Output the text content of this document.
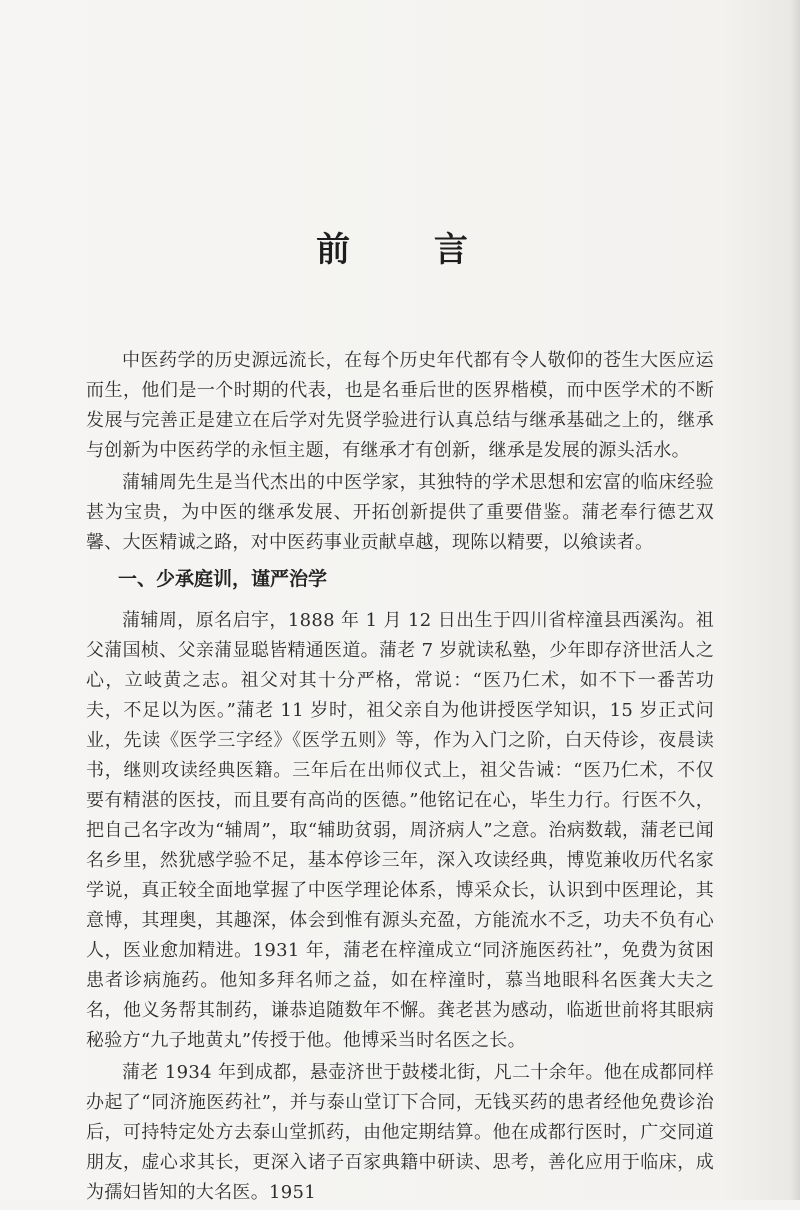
前 言

中医药学的历史源远流长，在每个历史年代都有令人敬仰的苍生大医应运而生，他们是一个时期的代表，也是名垂后世的医界楷模，而中医学术的不断发展与完善正是建立在后学对先贤学验进行认真总结与继承基础之上的，继承与创新为中医药学的永恒主题，有继承才有创新，继承是发展的源头活水。

蒲辅周先生是当代杰出的中医学家，其独特的学术思想和宏富的临床经验甚为宝贵，为中医的继承发展、开拓创新提供了重要借鉴。蒲老奉行德艺双馨、大医精诚之路，对中医药事业贡献卓越，现陈以精要，以飨读者。

一、少承庭训，谨严治学

蒲辅周，原名启宇，1888 年 1 月 12 日出生于四川省梓潼县西溪沟。祖父蒲国桢、父亲蒲显聪皆精通医道。蒲老 7 岁就读私塾，少年即存济世活人之心，立岐黄之志。祖父对其十分严格，常说：“医乃仁术，如不下一番苦功夫，不足以为医。”蒲老 11 岁时，祖父亲自为他讲授医学知识，15 岁正式问业，先读《医学三字经》《医学五则》等，作为入门之阶，白天侍诊，夜晨读书，继则攻读经典医籍。三年后在出师仪式上，祖父告诫：“医乃仁术，不仅要有精湛的医技，而且要有高尚的医德。”他铭记在心，毕生力行。行医不久，把自己名字改为“辅周”，取“辅助贫弱，周济病人”之意。治病数载，蒲老已闻名乡里，然犹感学验不足，基本停诊三年，深入攻读经典，博览兼收历代名家学说，真正较全面地掌握了中医学理论体系，博采众长，认识到中医理论，其意博，其理奥，其趣深，体会到惟有源头充盈，方能流水不乏，功夫不负有心人，医业愈加精进。1931 年，蒲老在梓潼成立“同济施医药社”，免费为贫困患者诊病施药。他知多拜名师之益，如在梓潼时，慕当地眼科名医龚大夫之名，他义务帮其制药，谦恭追随数年不懈。龚老甚为感动，临逝世前将其眼病秘验方“九子地黄丸”传授于他。他博采当时名医之长。

蒲老 1934 年到成都，悬壶济世于鼓楼北街，凡二十余年。他在成都同样办起了“同济施医药社”，并与泰山堂订下合同，无钱买药的患者经他免费诊治后，可持特定处方去泰山堂抓药，由他定期结算。他在成都行医时，广交同道朋友，虚心求其长，更深入诸子百家典籍中研读、思考，善化应用于临床，成为孺妇皆知的大名医。1951
